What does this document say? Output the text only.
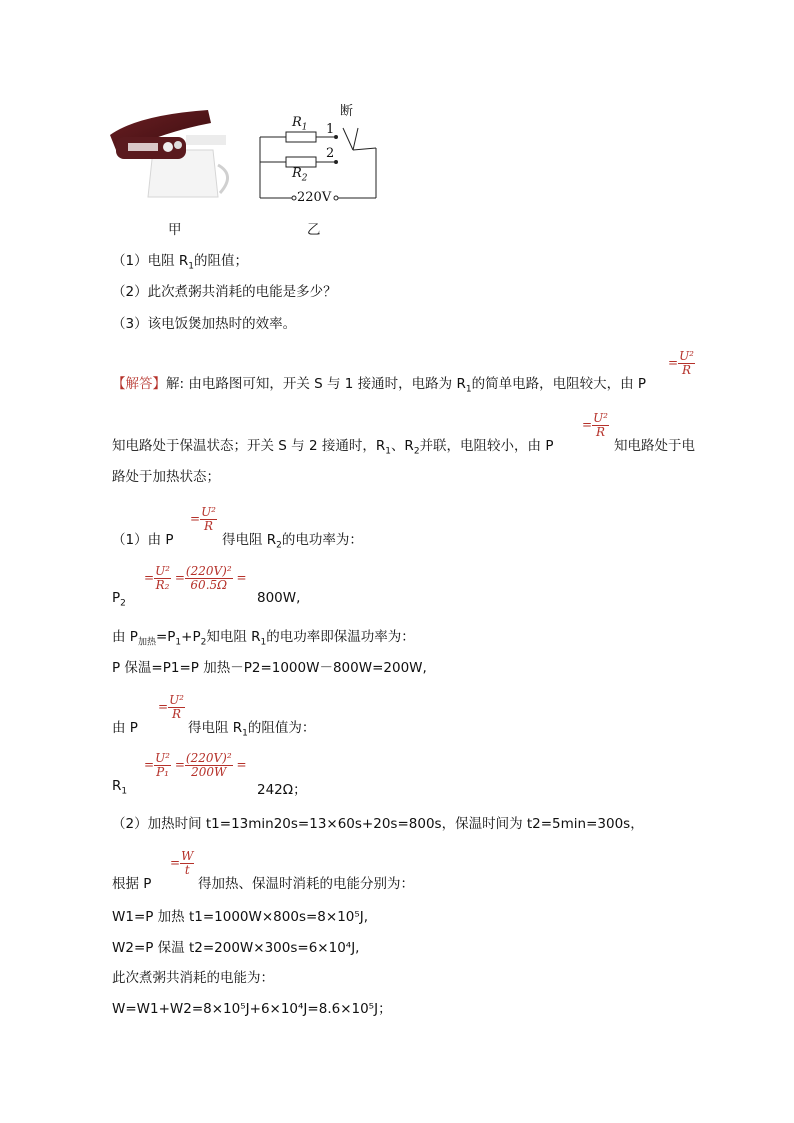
甲
$R_1$
$R_2$
1
2
断
220V
乙
（1）电阻 $R_1$的阻值；
（2）此次煮粥共消耗的电能是多少？
（3）该电饭煲加热时的效率。
【解答】解: 由电路图可知，开关 S 与 1 接通时，电路为 $R_1$的简单电路，电阻较大，由 P
= $\frac{\text{U²}}{R}$
知电路处于保温状态；开关 S 与 2 接通时，$R_1$、$R_2$并联，电阻较小，由 P
= $\frac{\text{U²}}{R}$
知电路处于电
路处于加热状态；
（1）由 P
= $\frac{\text{U²}}{R}$
得电阻 $R_2$的电功率为：
$P_2$
= $\frac{\text{U²}}{\text{R₂}} = \frac{\text{(220V)²}}{60.5\Omega}$ =
800W,
由 $P_{加热}=P_1+P_2$知电阻 $R_1$的电功率即保温功率为：
P 保温=P1=P 加热－P2=1000W－800W=200W,
由 P
= $\frac{\text{U²}}{R}$
得电阻 $R_1$的阻值为：
$R_1$
= $\frac{\text{U²}}{\text{P₁}} = \frac{\text{(220V)²}}{200W}$ =
242Ω；
（2）加热时间 t1=13min20s=13×60s+20s=800s，保温时间为 t2=5min=300s，
根据 P
= $\frac{W}{t}$
得加热、保温时消耗的电能分别为：
W1=P 加热 t1=1000W×800s=8×10⁵J,
W2=P 保温 t2=200W×300s=6×10⁴J,
此次煮粥共消耗的电能为：
W=W1+W2=8×10⁵J+6×10⁴J=8.6×10⁵J；
